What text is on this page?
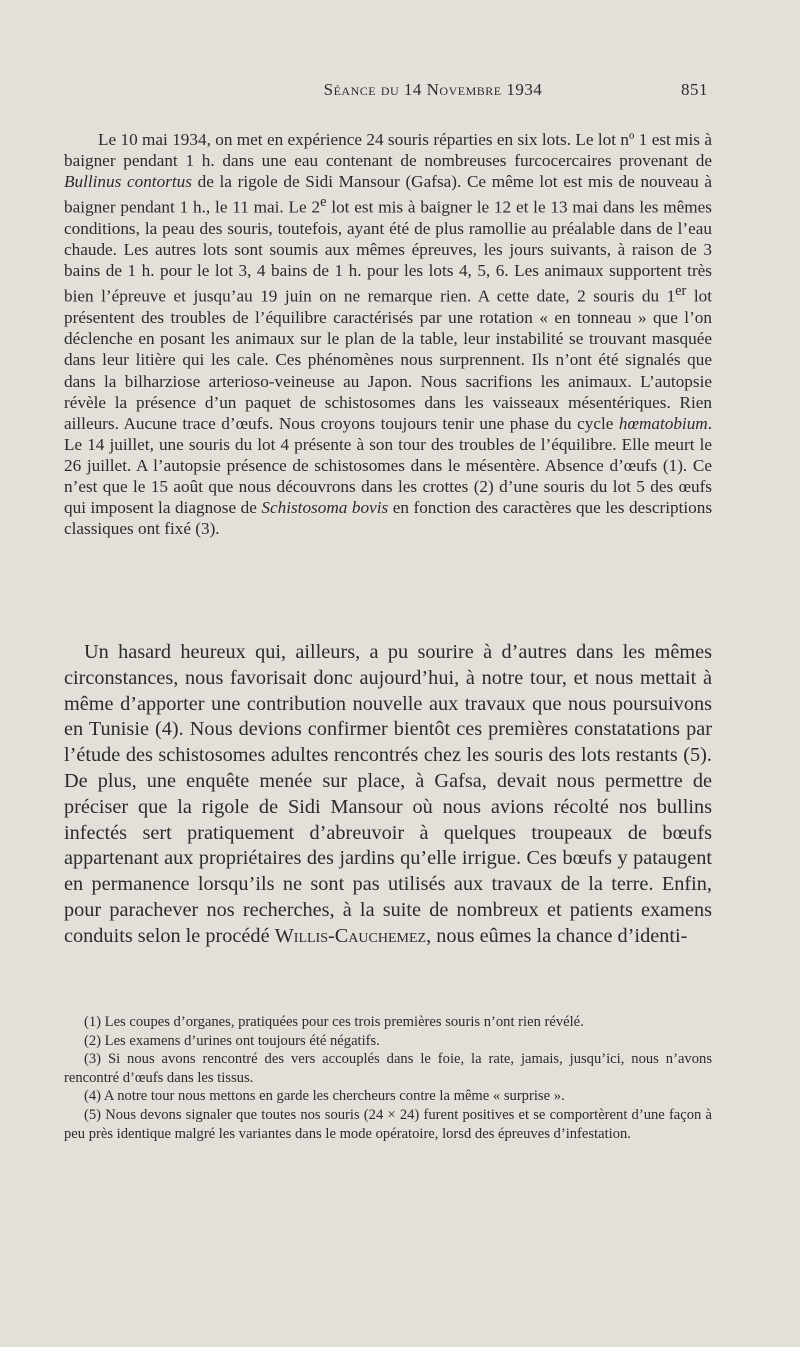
Séance du 14 Novembre 1934	851

Le 10 mai 1934, on met en expérience 24 souris réparties en six lots. Le lot nº 1 est mis à baigner pendant 1 h. dans une eau contenant de nombreuses furcocercaires provenant de Bullinus contortus de la rigole de Sidi Mansour (Gafsa). Ce même lot est mis de nouveau à baigner pendant 1 h., le 11 mai. Le 2e lot est mis à baigner le 12 et le 13 mai dans les mêmes conditions, la peau des souris, toutefois, ayant été de plus ramollie au préalable dans de l’eau chaude. Les autres lots sont soumis aux mêmes épreuves, les jours suivants, à raison de 3 bains de 1 h. pour le lot 3, 4 bains de 1 h. pour les lots 4, 5, 6. Les animaux supportent très bien l’épreuve et jusqu’au 19 juin on ne remarque rien. A cette date, 2 souris du 1er lot présentent des troubles de l’équilibre caractérisés par une rotation « en tonneau » que l’on déclenche en posant les animaux sur le plan de la table, leur instabilité se trouvant masquée dans leur litière qui les cale. Ces phénomènes nous surprennent. Ils n’ont été signalés que dans la bilharziose arterioso-veineuse au Japon. Nous sacrifions les animaux. L’autopsie révèle la présence d’un paquet de schistosomes dans les vaisseaux mésentériques. Rien ailleurs. Aucune trace d’œufs. Nous croyons toujours tenir une phase du cycle hœmatobium. Le 14 juillet, une souris du lot 4 présente à son tour des troubles de l’équilibre. Elle meurt le 26 juillet. A l’autopsie présence de schistosomes dans le mésentère. Absence d’œufs (1). Ce n’est que le 15 août que nous découvrons dans les crottes (2) d’une souris du lot 5 des œufs qui imposent la diagnose de Schistosoma bovis en fonction des caractères que les descriptions classiques ont fixé (3).

Un hasard heureux qui, ailleurs, a pu sourire à d’autres dans les mêmes circonstances, nous favorisait donc aujourd’hui, à notre tour, et nous mettait à même d’apporter une contribution nouvelle aux travaux que nous poursuivons en Tunisie (4). Nous devions confirmer bientôt ces premières constatations par l’étude des schistosomes adultes rencontrés chez les souris des lots restants (5). De plus, une enquête menée sur place, à Gafsa, devait nous permettre de préciser que la rigole de Sidi Mansour où nous avions récolté nos bullins infectés sert pratiquement d’abreuvoir à quelques troupeaux de bœufs appartenant aux propriétaires des jardins qu’elle irrigue. Ces bœufs y pataugent en permanence lorsqu’ils ne sont pas utilisés aux travaux de la terre. Enfin, pour parachever nos recherches, à la suite de nombreux et patients examens conduits selon le procédé Willis-Cauchemez, nous eûmes la chance d’identi-

(1) Les coupes d’organes, pratiquées pour ces trois premières souris n’ont rien révélé.

(2) Les examens d’urines ont toujours été négatifs.

(3) Si nous avons rencontré des vers accouplés dans le foie, la rate, jamais, jusqu’ici, nous n’avons rencontré d’œufs dans les tissus.

(4) A notre tour nous mettons en garde les chercheurs contre la même « surprise ».

(5) Nous devons signaler que toutes nos souris (24 × 24) furent positives et se comportèrent d’une façon à peu près identique malgré les variantes dans le mode opératoire, lorsd des épreuves d’infestation.
